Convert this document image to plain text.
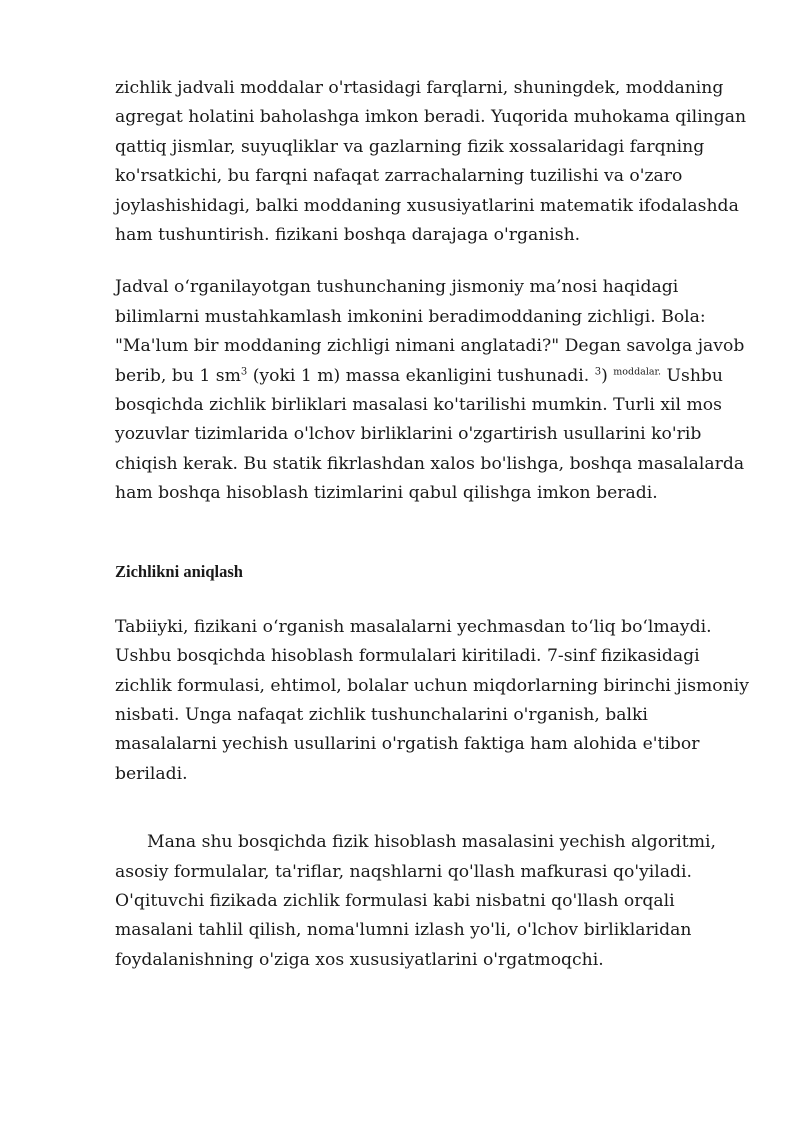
zichlik jadvali moddalar o'rtasidagi farqlarni, shuningdek, moddaning agregat holatini baholashga imkon beradi. Yuqorida muhokama qilingan qattiq jismlar, suyuqliklar va gazlarning fizik xossalaridagi farqning ko'rsatkichi, bu farqni nafaqat zarrachalarning tuzilishi va o'zaro joylashishidagi, balki moddaning xususiyatlarini matematik ifodalashda ham tushuntirish. fizikani boshqa darajaga o'rganish.

Jadval o‘rganilayotgan tushunchaning jismoniy ma’nosi haqidagi bilimlarni mustahkamlash imkonini beradimoddaning zichligi. Bola: "Ma'lum bir moddaning zichligi nimani anglatadi?" Degan savolga javob berib, bu 1 $sm^3$ (yoki 1 m) massa ekanligini tushunadi. $^3$) $^{moddalar.}$ Ushbu bosqichda zichlik birliklari masalasi ko'tarilishi mumkin. Turli xil mos yozuvlar tizimlarida o'lchov birliklarini o'zgartirish usullarini ko'rib chiqish kerak. Bu statik fikrlashdan xalos bo'lishga, boshqa masalalarda ham boshqa hisoblash tizimlarini qabul qilishga imkon beradi.

Zichlikni aniqlash

Tabiiyki, fizikani o‘rganish masalalarni yechmasdan to‘liq bo‘lmaydi. Ushbu bosqichda hisoblash formulalari kiritiladi. 7-sinf fizikasidagi zichlik formulasi, ehtimol, bolalar uchun miqdorlarning birinchi jismoniy nisbati. Unga nafaqat zichlik tushunchalarini o'rganish, balki masalalarni yechish usullarini o'rgatish faktiga ham alohida e'tibor beriladi.

Mana shu bosqichda fizik hisoblash masalasini yechish algoritmi, asosiy formulalar, ta'riflar, naqshlarni qo'llash mafkurasi qo'yiladi. O'qituvchi fizikada zichlik formulasi kabi nisbatni qo'llash orqali masalani tahlil qilish, noma'lumni izlash yo'li, o'lchov birliklaridan foydalanishning o'ziga xos xususiyatlarini o'rgatmoqchi.
